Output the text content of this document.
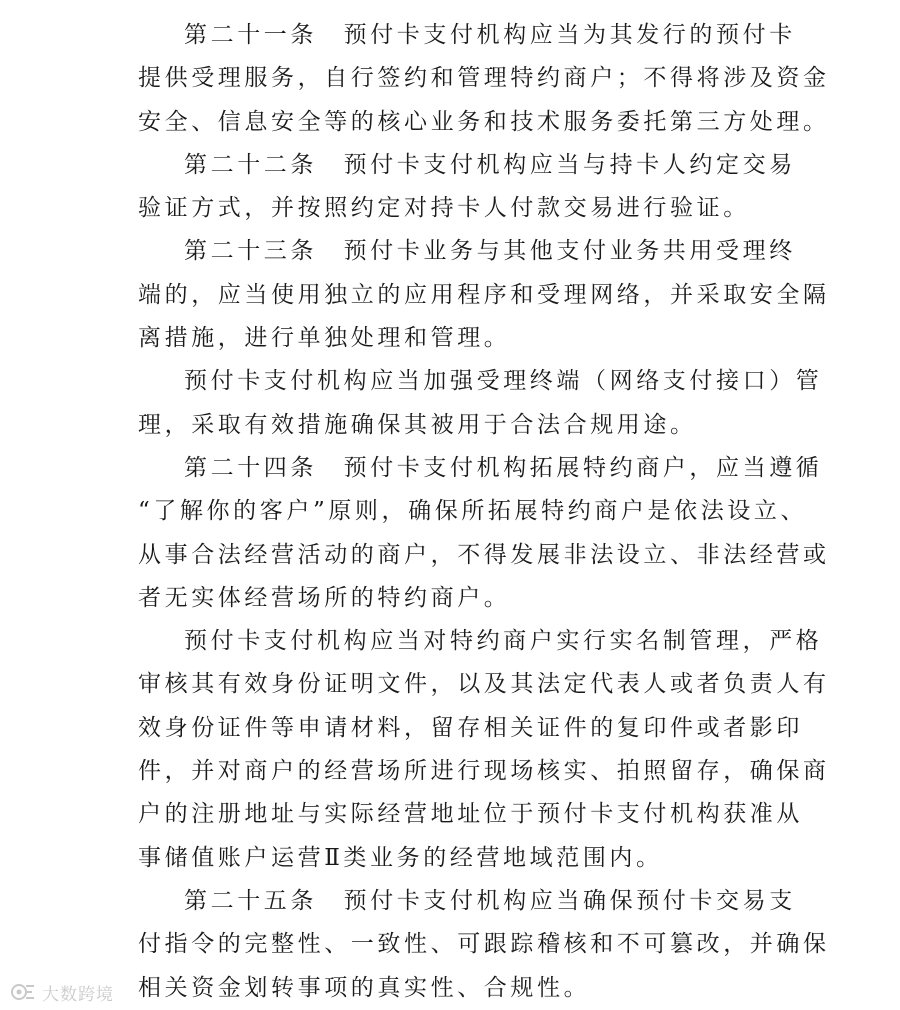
第二十一条　预付卡支付机构应当为其发行的预付卡
提供受理服务，自行签约和管理特约商户；不得将涉及资金
安全、信息安全等的核心业务和技术服务委托第三方处理。

第二十二条　预付卡支付机构应当与持卡人约定交易
验证方式，并按照约定对持卡人付款交易进行验证。

第二十三条　预付卡业务与其他支付业务共用受理终
端的，应当使用独立的应用程序和受理网络，并采取安全隔
离措施，进行单独处理和管理。

预付卡支付机构应当加强受理终端（网络支付接口）管
理，采取有效措施确保其被用于合法合规用途。

第二十四条　预付卡支付机构拓展特约商户，应当遵循
“了解你的客户”原则，确保所拓展特约商户是依法设立、
从事合法经营活动的商户，不得发展非法设立、非法经营或
者无实体经营场所的特约商户。

预付卡支付机构应当对特约商户实行实名制管理，严格
审核其有效身份证明文件，以及其法定代表人或者负责人有
效身份证件等申请材料，留存相关证件的复印件或者影印
件，并对商户的经营场所进行现场核实、拍照留存，确保商
户的注册地址与实际经营地址位于预付卡支付机构获准从
事储值账户运营Ⅱ类业务的经营地域范围内。

第二十五条　预付卡支付机构应当确保预付卡交易支
付指令的完整性、一致性、可跟踪稽核和不可篡改，并确保
相关资金划转事项的真实性、合规性。

大数跨境
